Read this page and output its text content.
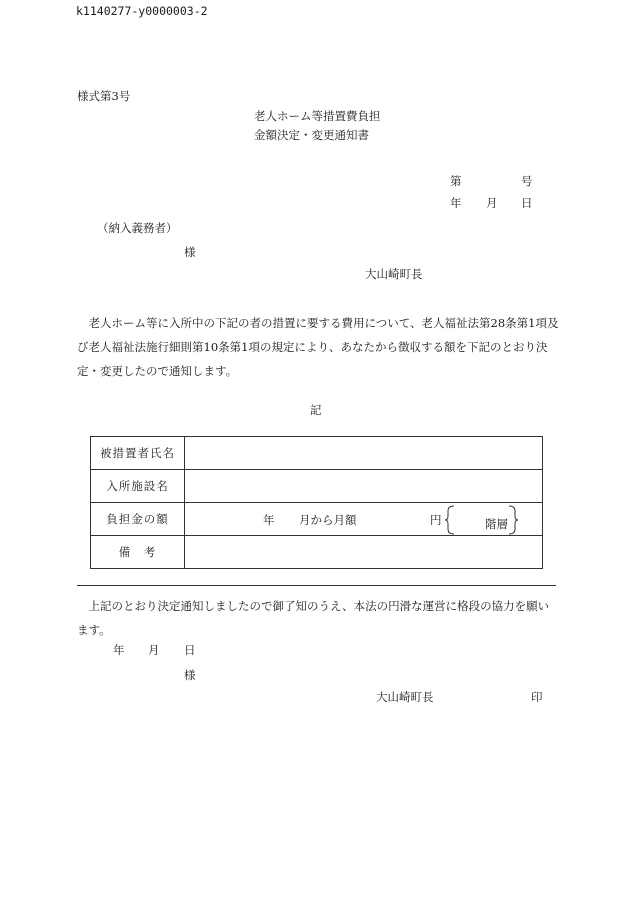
k1140277-y0000003-2
様式第3号
老人ホーム等措置費負担
金額決定・変更通知書
第	号
年 月 日
（納入義務者）
様
大山崎町長
老人ホーム等に入所中の下記の者の措置に要する費用について、老人福祉法第28条第1項及び老人福祉法施行細則第10条第1項の規定により、あなたから徴収する額を下記のとおり決定・変更したので通知します。
記
被措置者氏名	
入所施設名	
負担金の額	年 月から月額 円 階層

備　考	
上記のとおり決定通知しましたので御了知のうえ、本法の円滑な運営に格段の協力を願います。
年 月 日
様
大山崎町長	印
